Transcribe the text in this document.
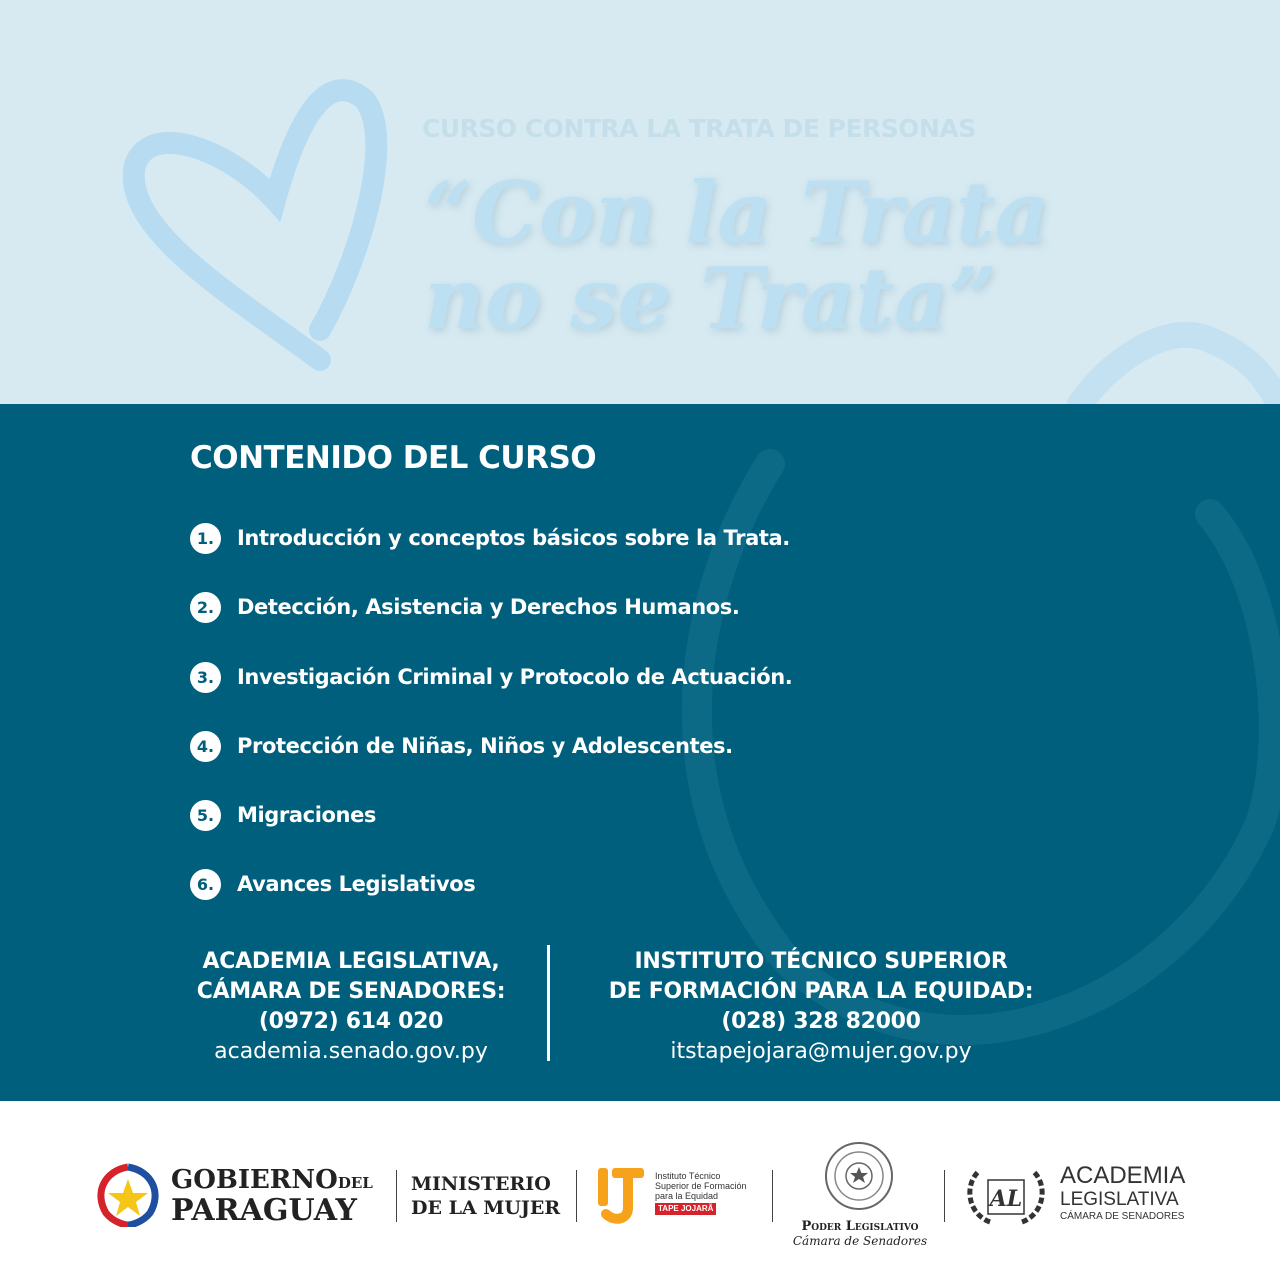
CURSO CONTRA LA TRATA DE PERSONAS
“Con la Trata
no se Trata”
CONTENIDO DEL CURSO
1.	Introducción y conceptos básicos sobre la Trata.
2.	Detección, Asistencia y Derechos Humanos.
3.	Investigación Criminal y Protocolo de Actuación.
4.	Protección de Niñas, Niños y Adolescentes.
5.	Migraciones
6.	Avances Legislativos
ACADEMIA LEGISLATIVA,
CÁMARA DE SENADORES:
(0972) 614 020
academia.senado.gov.py
INSTITUTO TÉCNICO SUPERIOR
DE FORMACIÓN PARA LA EQUIDAD:
(028) 328 82000
itstapejojara@mujer.gov.py
GOBIERNODEL
PARAGUAY
MINISTERIO
DE LA MUJER
Instituto Técnico
Superior de Formación
para la Equidad
TAPE JOJARÃ
Poder Legislativo
Cámara de Senadores
AL
ACADEMIA
LEGISLATIVA
CÁMARA DE SENADORES
